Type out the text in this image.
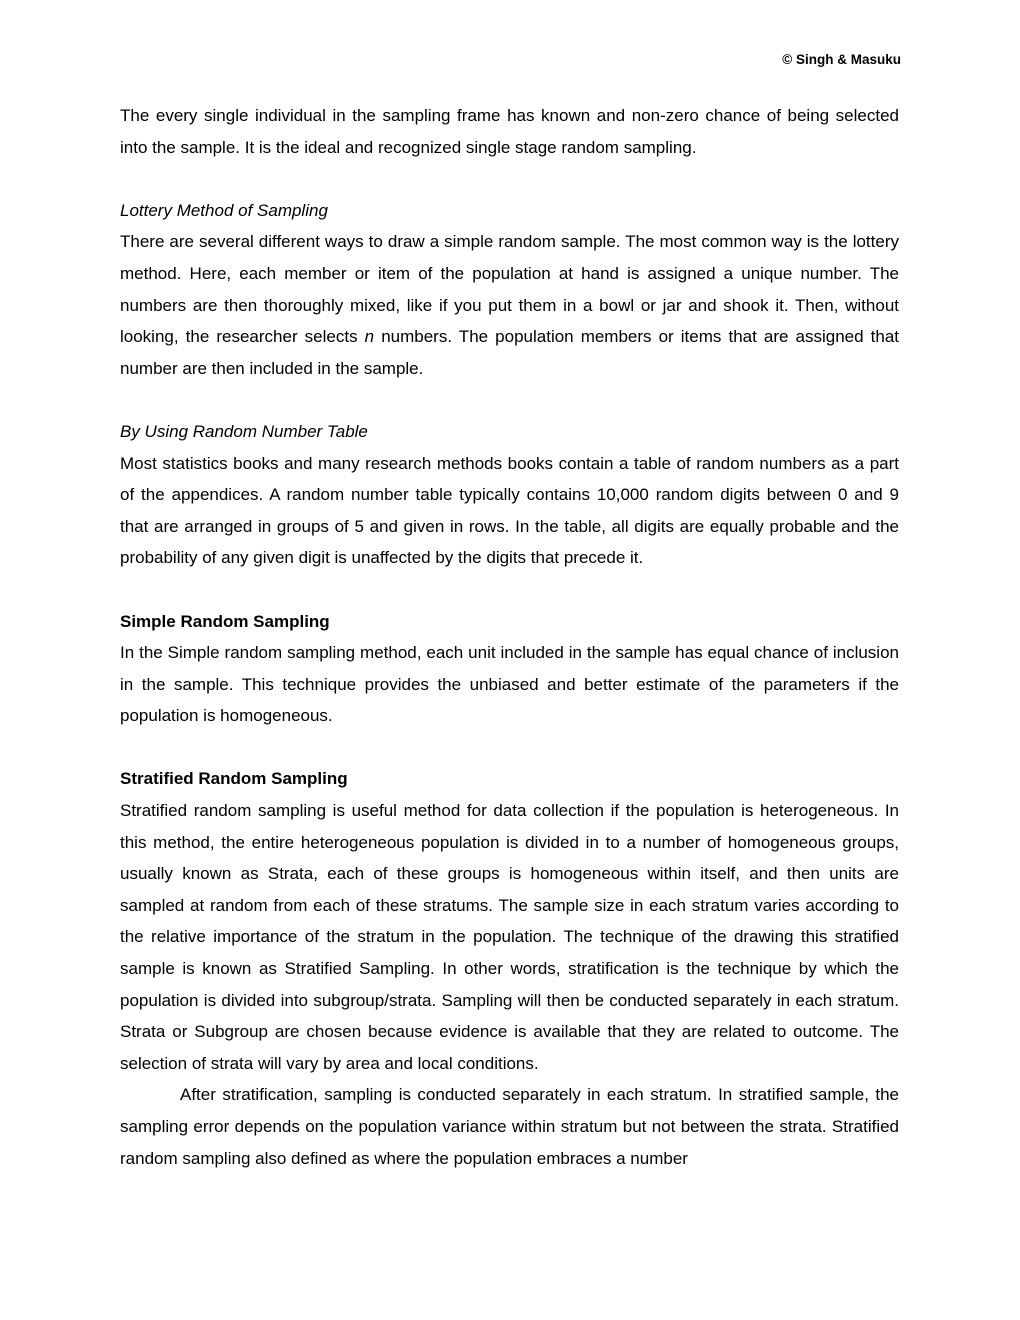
© Singh & Masuku

The every single individual in the sampling frame has known and non-zero chance of being selected into the sample. It is the ideal and recognized single stage random sampling.

Lottery Method of Sampling

There are several different ways to draw a simple random sample. The most common way is the lottery method. Here, each member or item of the population at hand is assigned a unique number. The numbers are then thoroughly mixed, like if you put them in a bowl or jar and shook it. Then, without looking, the researcher selects n numbers. The population members or items that are assigned that number are then included in the sample.

By Using Random Number Table

Most statistics books and many research methods books contain a table of random numbers as a part of the appendices. A random number table typically contains 10,000 random digits between 0 and 9 that are arranged in groups of 5 and given in rows. In the table, all digits are equally probable and the probability of any given digit is unaffected by the digits that precede it.

Simple Random Sampling

In the Simple random sampling method, each unit included in the sample has equal chance of inclusion in the sample. This technique provides the unbiased and better estimate of the parameters if the population is homogeneous.

Stratified Random Sampling

Stratified random sampling is useful method for data collection if the population is heterogeneous. In this method, the entire heterogeneous population is divided in to a number of homogeneous groups, usually known as Strata, each of these groups is homogeneous within itself, and then units are sampled at random from each of these stratums. The sample size in each stratum varies according to the relative importance of the stratum in the population. The technique of the drawing this stratified sample is known as Stratified Sampling. In other words, stratification is the technique by which the population is divided into subgroup/strata. Sampling will then be conducted separately in each stratum. Strata or Subgroup are chosen because evidence is available that they are related to outcome. The selection of strata will vary by area and local conditions.

After stratification, sampling is conducted separately in each stratum. In stratified sample, the sampling error depends on the population variance within stratum but not between the strata. Stratified random sampling also defined as where the population embraces a number
